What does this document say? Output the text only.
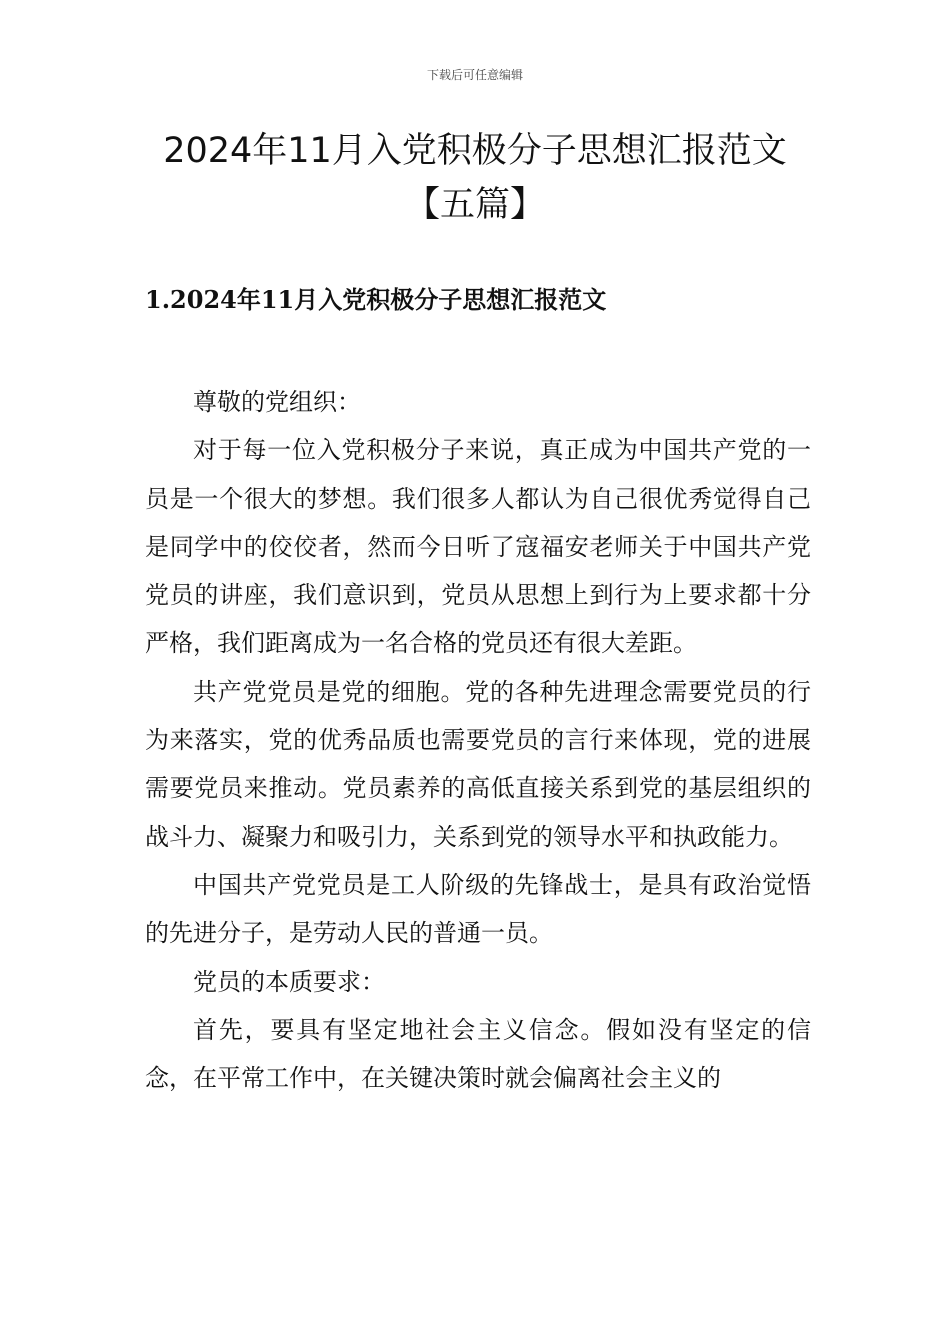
下载后可任意编辑
2024年11月入党积极分子思想汇报范文
【五篇】
1.2024年11月入党积极分子思想汇报范文

尊敬的党组织：

对于每一位入党积极分子来说，真正成为中国共产党的一员是一个很大的梦想。我们很多人都认为自己很优秀觉得自己是同学中的佼佼者，然而今日听了寇福安老师关于中国共产党党员的讲座，我们意识到，党员从思想上到行为上要求都十分严格，我们距离成为一名合格的党员还有很大差距。

共产党党员是党的细胞。党的各种先进理念需要党员的行为来落实，党的优秀品质也需要党员的言行来体现，党的进展需要党员来推动。党员素养的高低直接关系到党的基层组织的战斗力、凝聚力和吸引力，关系到党的领导水平和执政能力。

中国共产党党员是工人阶级的先锋战士，是具有政治觉悟的先进分子，是劳动人民的普通一员。

党员的本质要求：

首先，要具有坚定地社会主义信念。假如没有坚定的信念，在平常工作中，在关键决策时就会偏离社会主义的
